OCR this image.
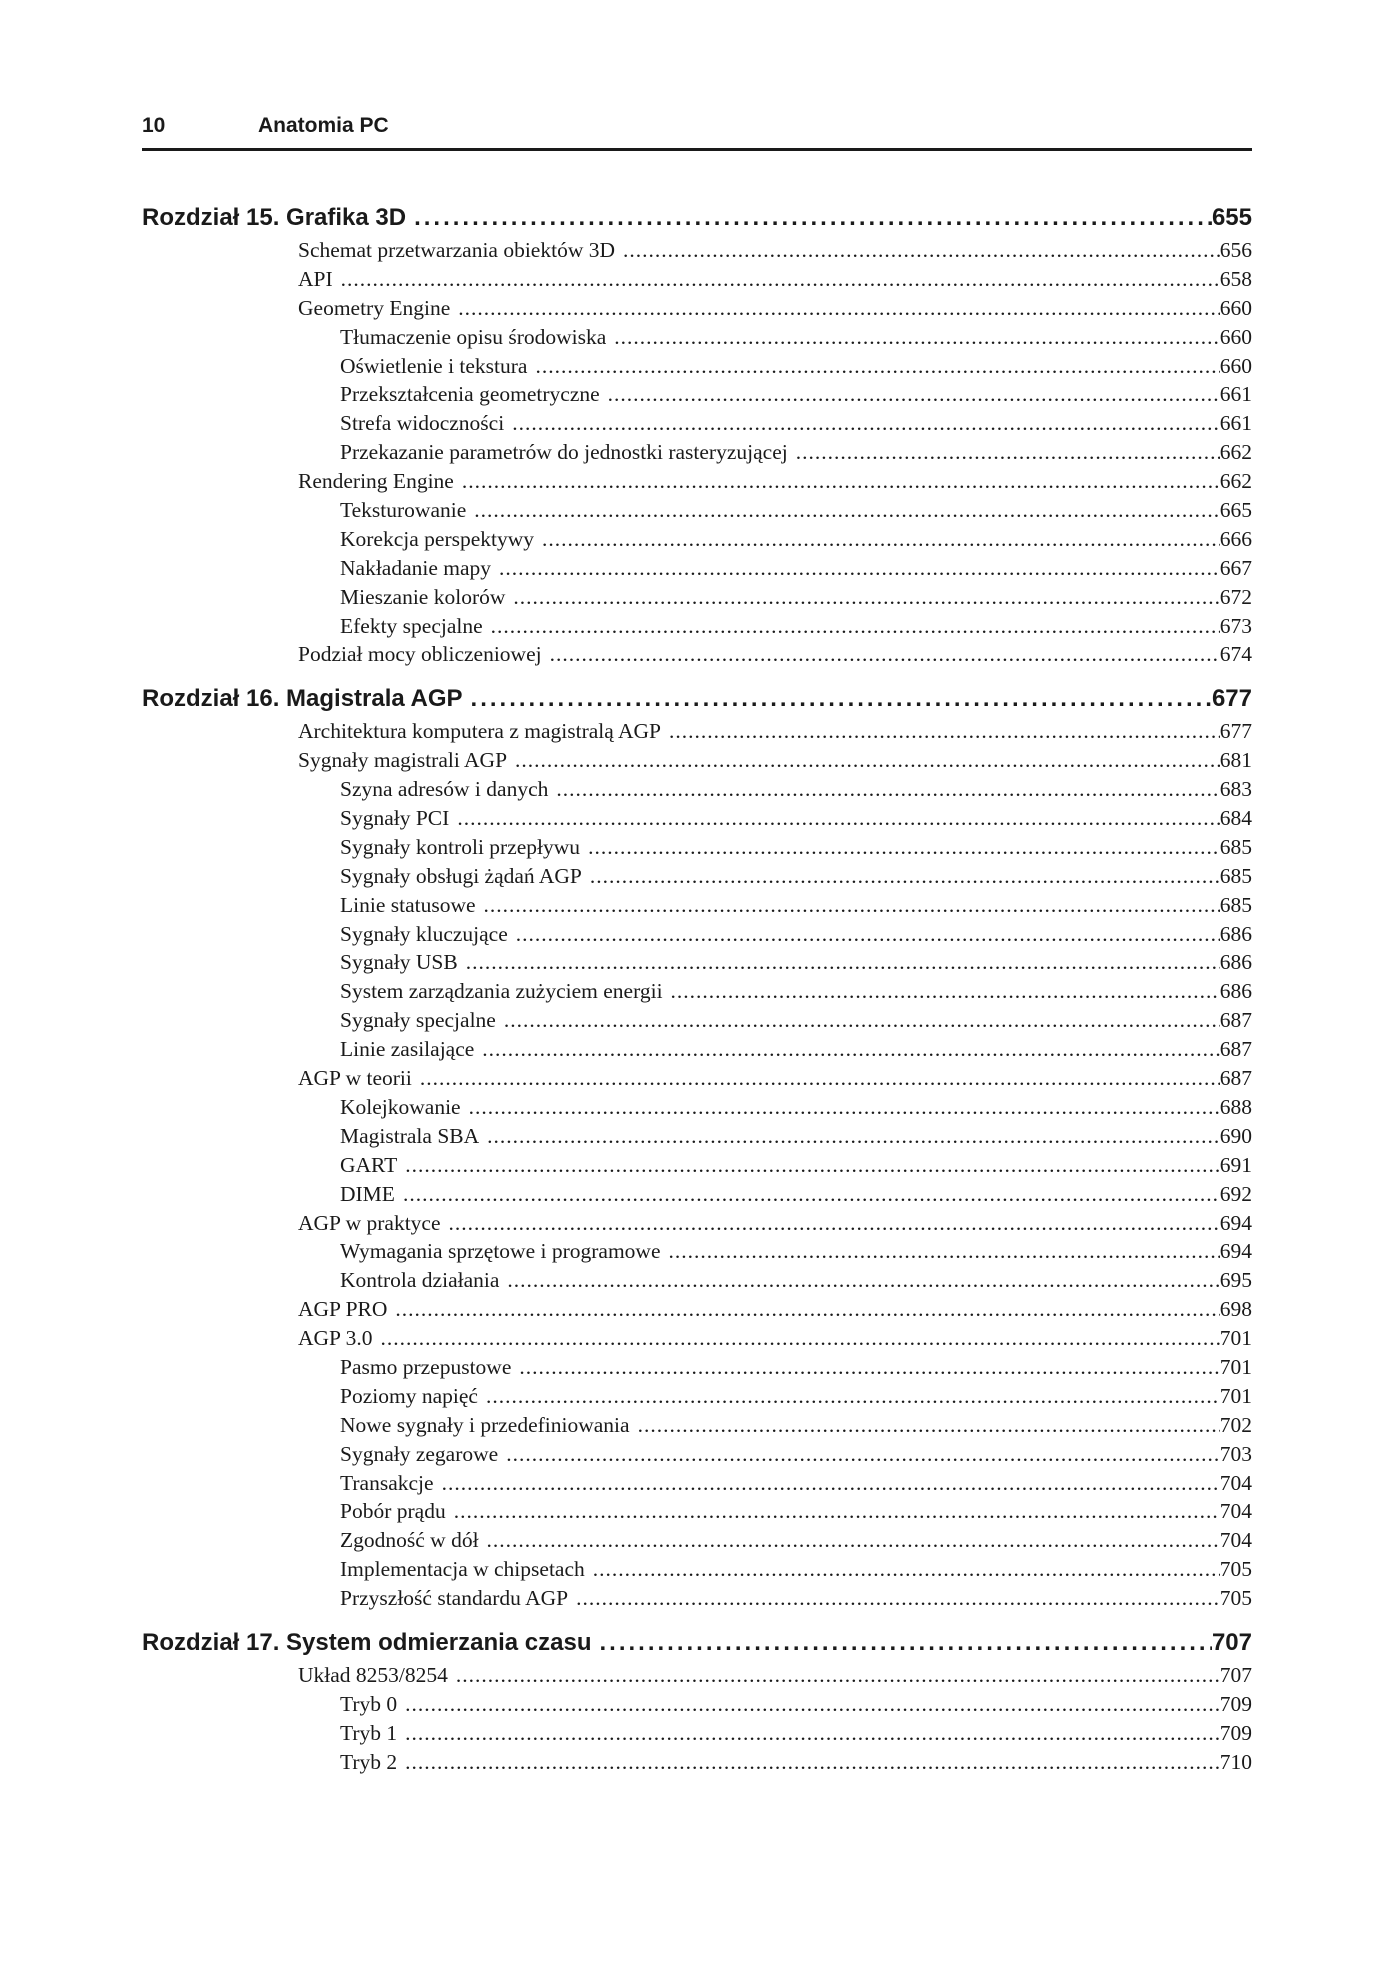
10	Anatomia PC
Rozdział 15. Grafika 3D .....	655
Schemat przetwarzania obiektów 3D .....	656
API .....	658
Geometry Engine .....	660
Tłumaczenie opisu środowiska .....	660
Oświetlenie i tekstura .....	660
Przekształcenia geometryczne .....	661
Strefa widoczności .....	661
Przekazanie parametrów do jednostki rasteryzującej .....	662
Rendering Engine .....	662
Teksturowanie .....	665
Korekcja perspektywy .....	666
Nakładanie mapy .....	667
Mieszanie kolorów .....	672
Efekty specjalne .....	673
Podział mocy obliczeniowej .....	674
Rozdział 16. Magistrala AGP .....	677
Architektura komputera z magistralą AGP .....	677
Sygnały magistrali AGP .....	681
Szyna adresów i danych .....	683
Sygnały PCI .....	684
Sygnały kontroli przepływu .....	685
Sygnały obsługi żądań AGP .....	685
Linie statusowe .....	685
Sygnały kluczujące .....	686
Sygnały USB .....	686
System zarządzania zużyciem energii .....	686
Sygnały specjalne .....	687
Linie zasilające .....	687
AGP w teorii .....	687
Kolejkowanie .....	688
Magistrala SBA .....	690
GART .....	691
DIME .....	692
AGP w praktyce .....	694
Wymagania sprzętowe i programowe .....	694
Kontrola działania .....	695
AGP PRO .....	698
AGP 3.0 .....	701
Pasmo przepustowe .....	701
Poziomy napięć .....	701
Nowe sygnały i przedefiniowania .....	702
Sygnały zegarowe .....	703
Transakcje .....	704
Pobór prądu .....	704
Zgodność w dół .....	704
Implementacja w chipsetach .....	705
Przyszłość standardu AGP .....	705
Rozdział 17. System odmierzania czasu .....	707
Układ 8253/8254 .....	707
Tryb 0 .....	709
Tryb 1 .....	709
Tryb 2 .....	710
